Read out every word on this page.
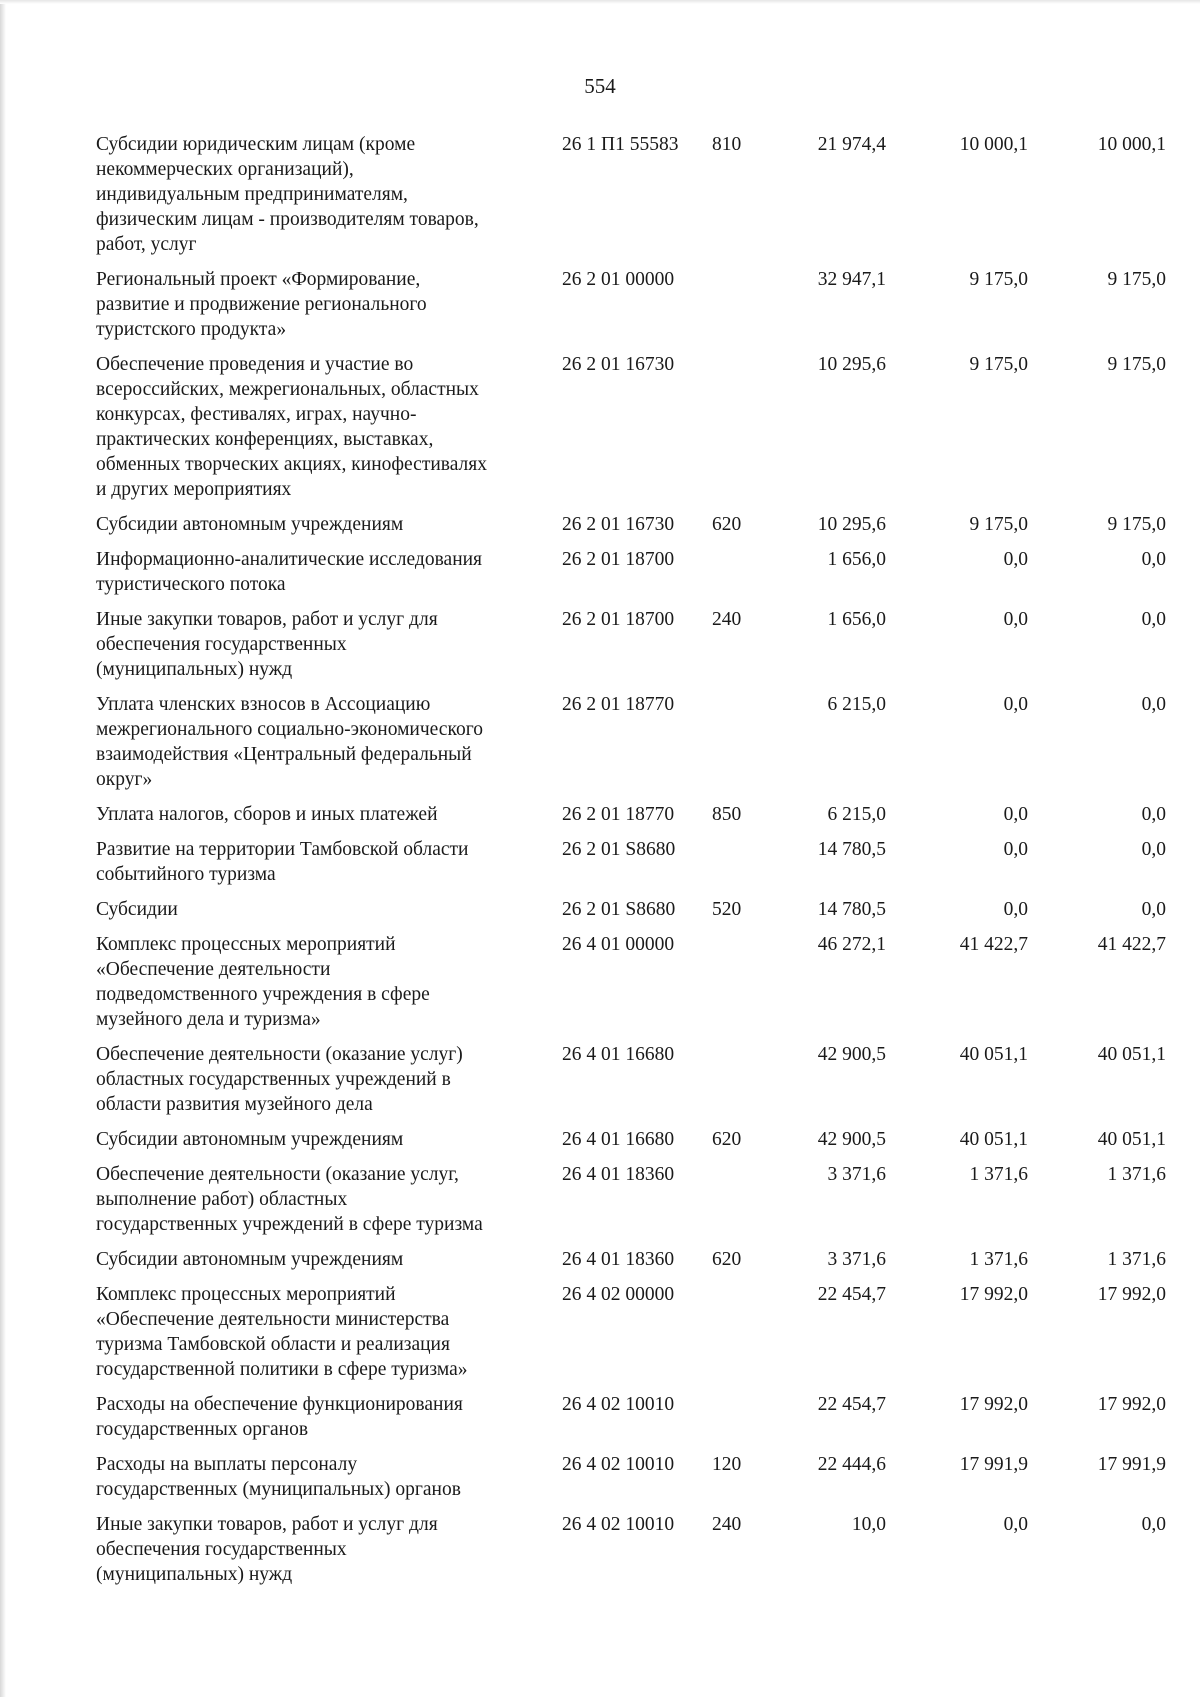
554
Субсидии юридическим лицам (кроме
некоммерческих организаций),
индивидуальным предпринимателям,
физическим лицам - производителям товаров,
работ, услуг
26 1 П1 55583 810	21 974,4	10 000,1	10 000,1
Региональный проект «Формирование,
развитие и продвижение регионального
туристского продукта»
26 2 01 00000	32 947,1	9 175,0	9 175,0
Обеспечение проведения и участие во
всероссийских, межрегиональных, областных
конкурсах, фестивалях, играх, научно-
практических конференциях, выставках,
обменных творческих акциях, кинофестивалях
и других мероприятиях
26 2 01 16730	10 295,6	9 175,0	9 175,0
Субсидии автономным учреждениям	26 2 01 16730 620	10 295,6	9 175,0	9 175,0
Информационно-аналитические исследования
туристического потока
26 2 01 18700	1 656,0	0,0	0,0
Иные закупки товаров, работ и услуг для
обеспечения государственных
(муниципальных) нужд
26 2 01 18700 240	1 656,0	0,0	0,0
Уплата членских взносов в Ассоциацию
межрегионального социально-экономического
взаимодействия «Центральный федеральный
округ»
26 2 01 18770	6 215,0	0,0	0,0
Уплата налогов, сборов и иных платежей	26 2 01 18770 850	6 215,0	0,0	0,0
Развитие на территории Тамбовской области
событийного туризма
26 2 01 S8680	14 780,5	0,0	0,0
Субсидии	26 2 01 S8680 520	14 780,5	0,0	0,0
Комплекс процессных мероприятий
«Обеспечение деятельности
подведомственного учреждения в сфере
музейного дела и туризма»
26 4 01 00000	46 272,1	41 422,7	41 422,7
Обеспечение деятельности (оказание услуг)
областных государственных учреждений в
области развития музейного дела
26 4 01 16680	42 900,5	40 051,1	40 051,1
Субсидии автономным учреждениям	26 4 01 16680 620	42 900,5	40 051,1	40 051,1
Обеспечение деятельности (оказание услуг,
выполнение работ) областных
государственных учреждений в сфере туризма
26 4 01 18360	3 371,6	1 371,6	1 371,6
Субсидии автономным учреждениям	26 4 01 18360 620	3 371,6	1 371,6	1 371,6
Комплекс процессных мероприятий
«Обеспечение деятельности министерства
туризма Тамбовской области и реализация
государственной политики в сфере туризма»
26 4 02 00000	22 454,7	17 992,0	17 992,0
Расходы на обеспечение функционирования
государственных органов
26 4 02 10010	22 454,7	17 992,0	17 992,0
Расходы на выплаты персоналу
государственных (муниципальных) органов
26 4 02 10010 120	22 444,6	17 991,9	17 991,9
Иные закупки товаров, работ и услуг для
обеспечения государственных
(муниципальных) нужд
26 4 02 10010 240	10,0	0,0	0,0
